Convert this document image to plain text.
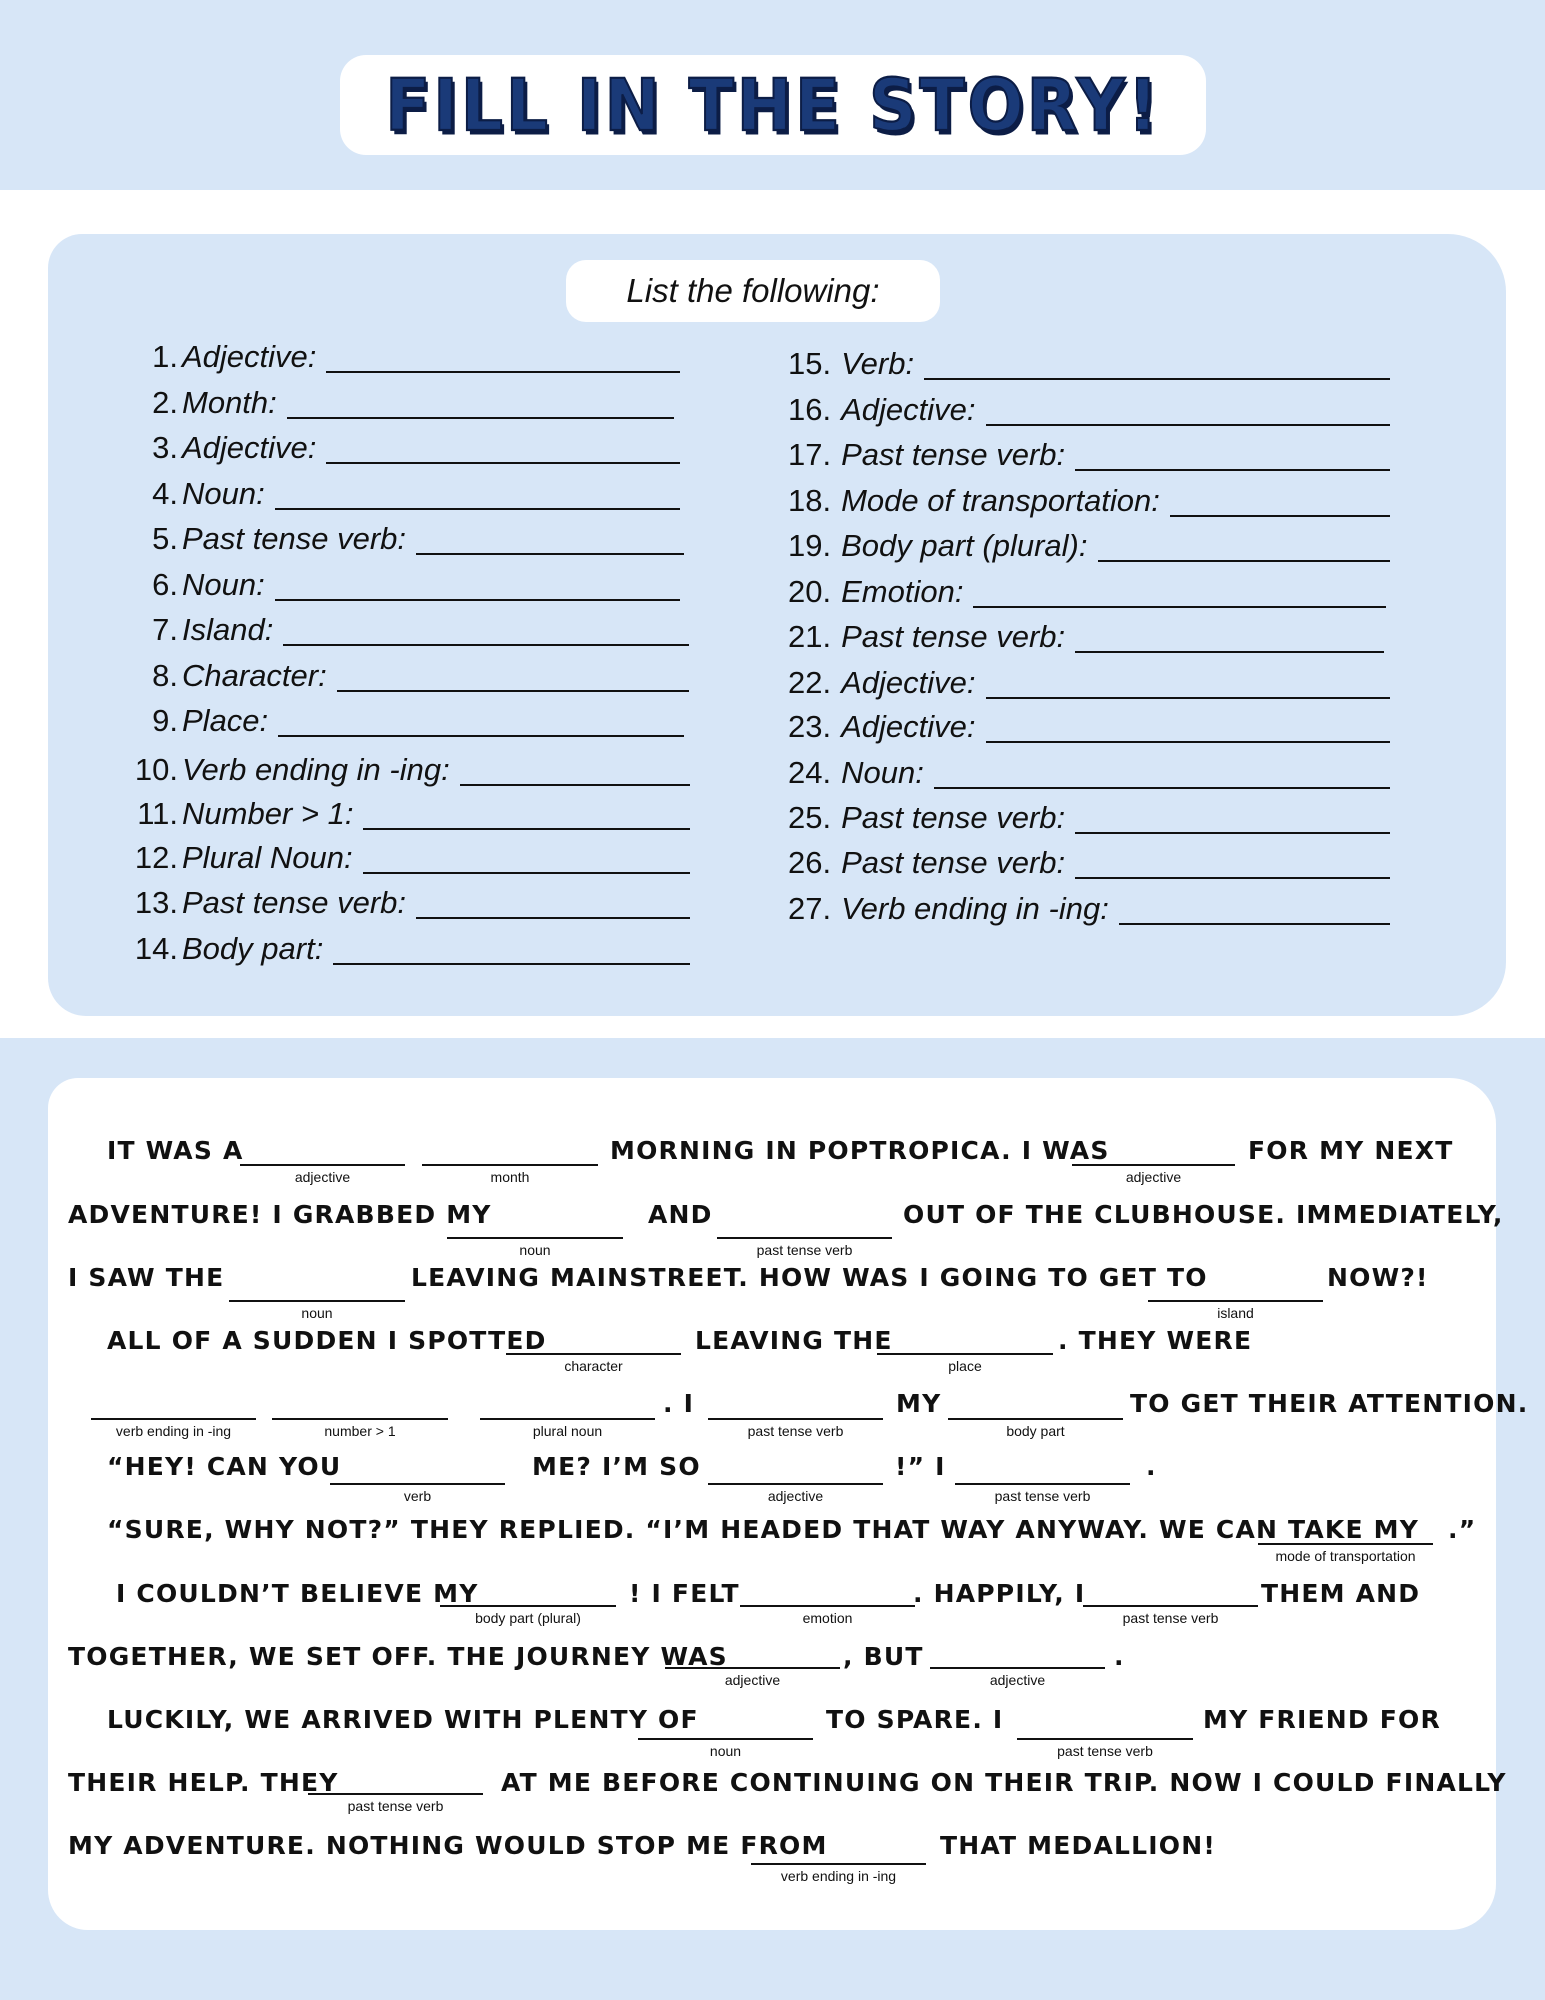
FILL IN THE STORY!
List the following:
1. Adjective:
2. Month:
3. Adjective:
4. Noun:
5. Past tense verb:
6. Noun:
7. Island:
8. Character:
9. Place:
10. Verb ending in -ing:
11. Number > 1:
12. Plural Noun:
13. Past tense verb:
14. Body part:
15. Verb:
16. Adjective:
17. Past tense verb:
18. Mode of transportation:
19. Body part (plural):
20. Emotion:
21. Past tense verb:
22. Adjective:
23. Adjective:
24. Noun:
25. Past tense verb:
26. Past tense verb:
27. Verb ending in -ing:
IT WAS A	MORNING IN POPTROPICA. I WAS	FOR MY NEXT
ADVENTURE! I GRABBED MY	AND	OUT OF THE CLUBHOUSE. IMMEDIATELY,
I SAW THE	LEAVING MAINSTREET. HOW WAS I GOING TO GET TO	NOW?!
ALL OF A SUDDEN I SPOTTED	LEAVING THE	. THEY WERE
. I	MY	TO GET THEIR ATTENTION.
“HEY! CAN YOU	ME? I’M SO	!” I	.
“SURE, WHY NOT?” THEY REPLIED. “I’M HEADED THAT WAY ANYWAY. WE CAN TAKE MY .”
I COULDN’T BELIEVE MY	! I FELT	. HAPPILY, I	THEM AND
TOGETHER, WE SET OFF. THE JOURNEY WAS	, BUT	.
LUCKILY, WE ARRIVED WITH PLENTY OF	TO SPARE. I	MY FRIEND FOR
THEIR HELP. THEY	AT ME BEFORE CONTINUING ON THEIR TRIP. NOW I COULD FINALLY
MY ADVENTURE. NOTHING WOULD STOP ME FROM	THAT MEDALLION!
adjective	month	adjective
noun	past tense verb
noun	island
character	place
verb ending in -ing	number > 1	plural noun	past tense verb	body part
verb	adjective	past tense verb
mode of transportation
body part (plural)	emotion	past tense verb
adjective	adjective
noun	past tense verb
past tense verb
verb ending in -ing
